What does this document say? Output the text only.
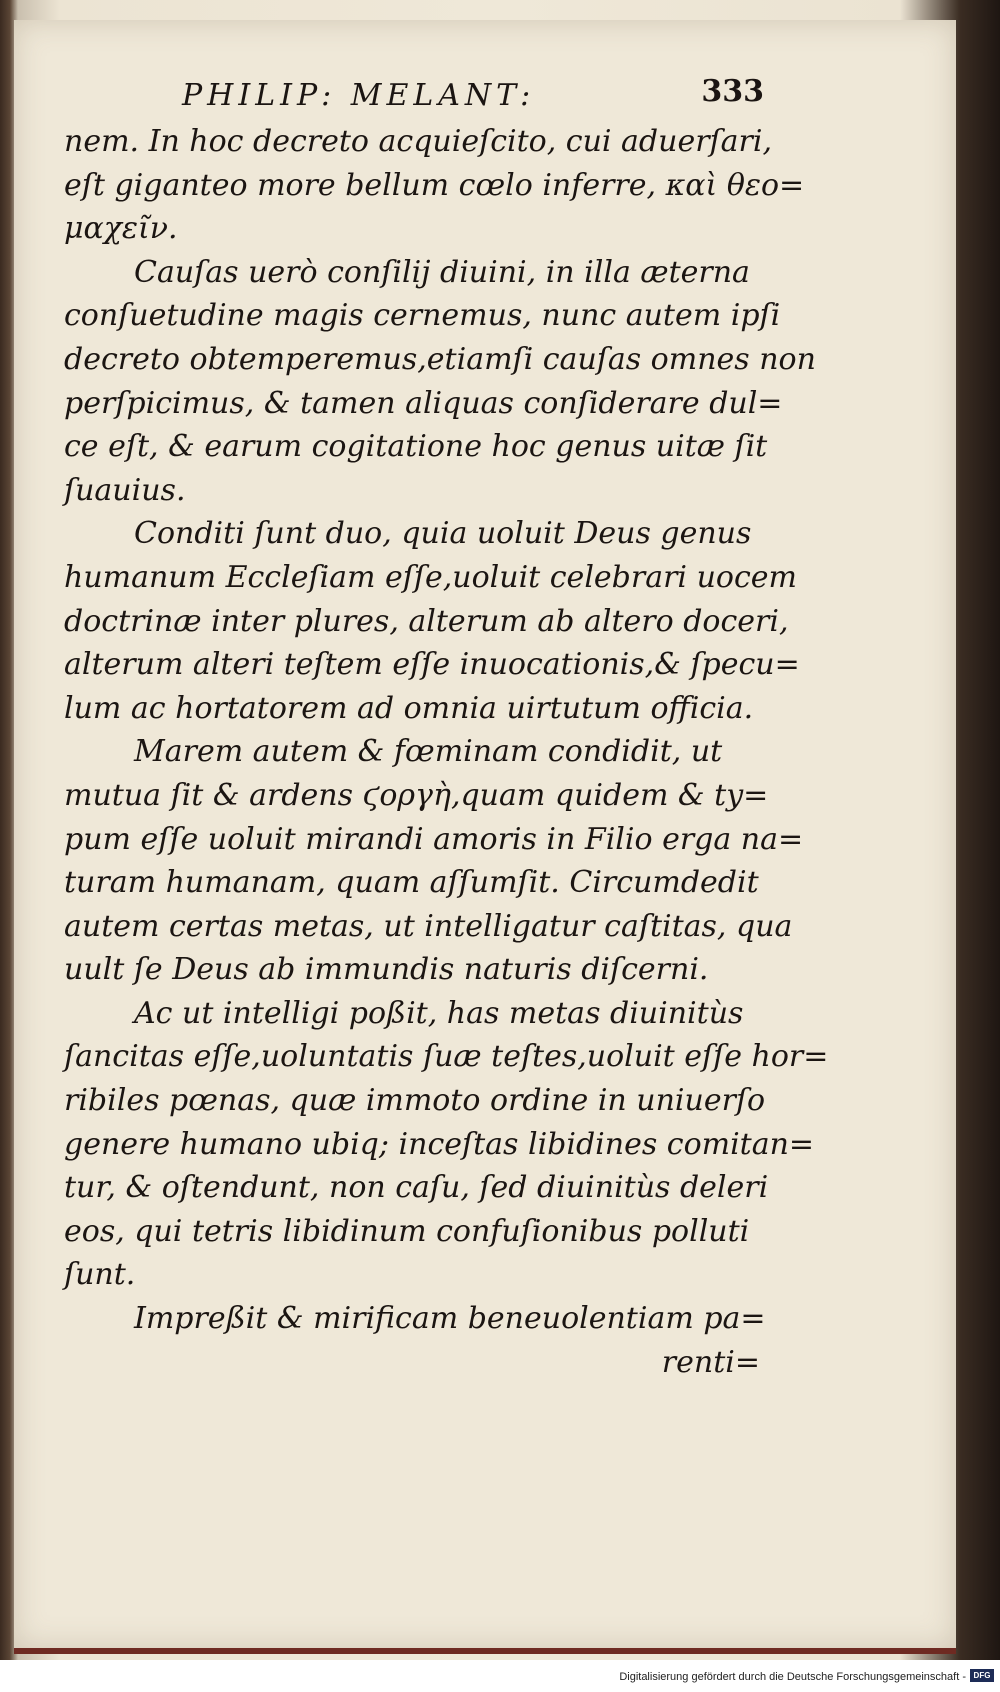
PHILIP: MELANT:	333
nem. In hoc decreto acquieſcito, cui aduerſari,
eſt giganteo more bellum cœlo inferre, καὶ θεο=
μαχεῖν.
Cauſas uerò conſilij diuini, in illa æterna
conſuetudine magis cernemus, nunc autem ipſi
decreto obtemperemus,etiamſi cauſas omnes non
perſpicimus, & tamen aliquas conſiderare dul=
ce eſt, & earum cogitatione hoc genus uitæ ſit
ſuauius.
Conditi ſunt duo, quia uoluit Deus genus
humanum Eccleſiam eſſe,uoluit celebrari uocem
doctrinæ inter plures, alterum ab altero doceri,
alterum alteri teſtem eſſe inuocationis,& ſpecu=
lum ac hortatorem ad omnia uirtutum officia.
Marem autem & fœminam condidit, ut
mutua ſit & ardens ϛοργὴ,quam quidem & ty=
pum eſſe uoluit mirandi amoris in Filio erga na=
turam humanam, quam aſſumſit. Circumdedit
autem certas metas, ut intelligatur caſtitas, qua
uult ſe Deus ab immundis naturis diſcerni.
Ac ut intelligi poßit, has metas diuinitùs
ſancitas eſſe,uoluntatis ſuæ teſtes,uoluit eſſe hor=
ribiles pœnas, quæ immoto ordine in uniuerſo
genere humano ubiq; inceſtas libidines comitan=
tur, & oſtendunt, non caſu, ſed diuinitùs deleri
eos, qui tetris libidinum confuſionibus polluti
ſunt.
Impreßit & mirificam beneuolentiam pa=
renti=
Digitalisierung gefördert durch die Deutsche Forschungsgemeinschaft - DFG
